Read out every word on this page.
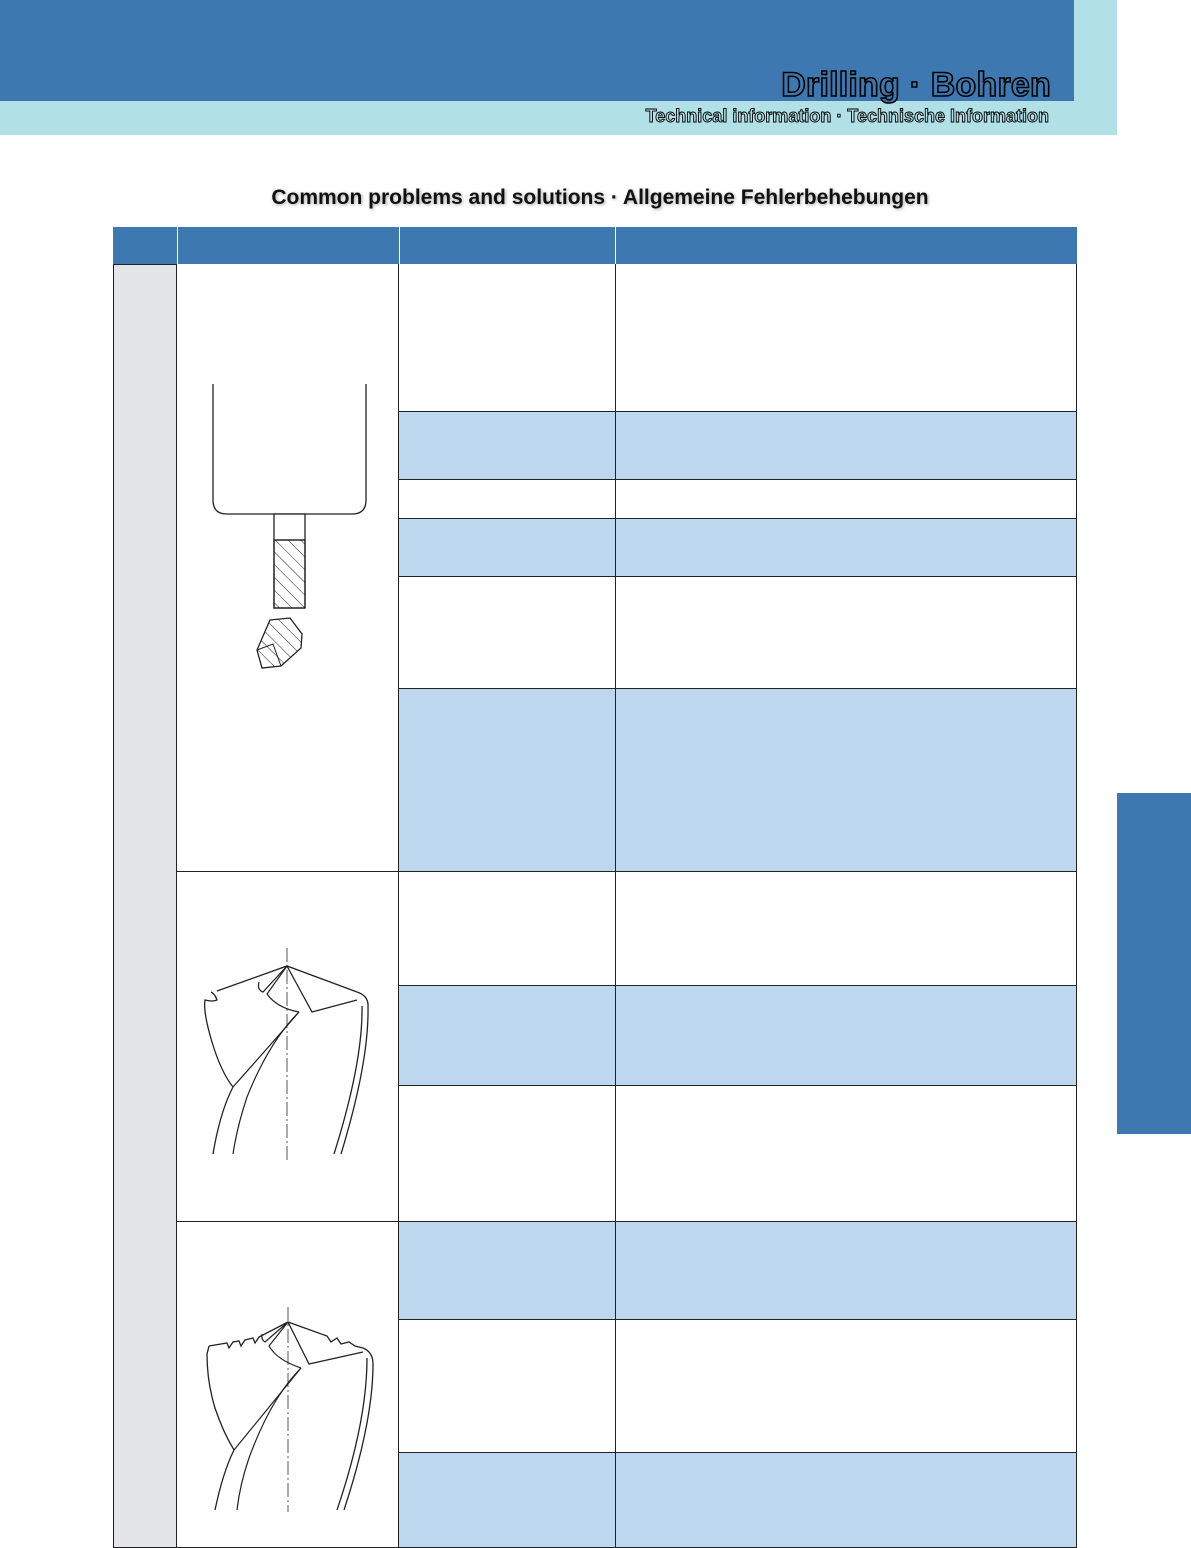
Drilling · Bohren
Technical information · Technische Information
Common problems and solutions · Allgemeine Fehlerbehebungen
